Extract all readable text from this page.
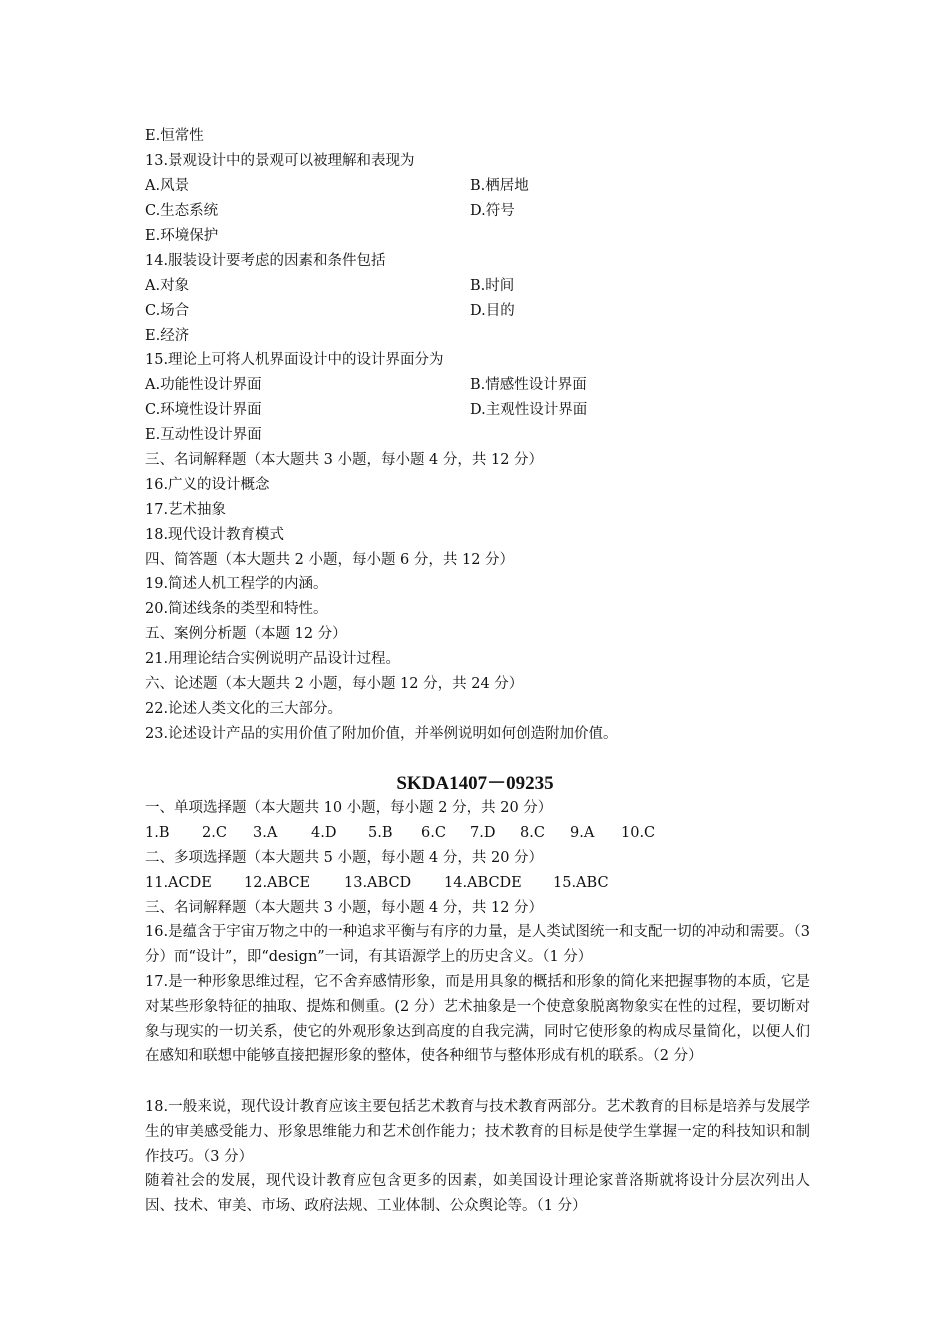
E.恒常性
13.景观设计中的景观可以被理解和表现为
A.风景	B.栖居地
C.生态系统	D.符号
E.环境保护
14.服装设计要考虑的因素和条件包括
A.对象	B.时间
C.场合	D.目的
E.经济
15.理论上可将人机界面设计中的设计界面分为
A.功能性设计界面	B.情感性设计界面
C.环境性设计界面	D.主观性设计界面
E.互动性设计界面
三、名词解释题（本大题共 3 小题，每小题 4 分，共 12 分）
16.广义的设计概念
17.艺术抽象
18.现代设计教育模式
四、简答题（本大题共 2 小题，每小题 6 分，共 12 分）
19.简述人机工程学的内涵。
20.简述线条的类型和特性。
五、案例分析题（本题 12 分）
21.用理论结合实例说明产品设计过程。
六、论述题（本大题共 2 小题，每小题 12 分，共 24 分）
22.论述人类文化的三大部分。
23.论述设计产品的实用价值了附加价值，并举例说明如何创造附加价值。
SKDA1407－09235
一、单项选择题（本大题共 10 小题，每小题 2 分，共 20 分）
1.B 2.C 3.A 4.D 5.B 6.C 7.D 8.C 9.A 10.C
二、多项选择题（本大题共 5 小题，每小题 4 分，共 20 分）
11.ACDE 12.ABCE 13.ABCD 14.ABCDE 15.ABC
三、名词解释题（本大题共 3 小题，每小题 4 分，共 12 分）
16.是蕴含于宇宙万物之中的一种追求平衡与有序的力量，是人类试图统一和支配一切的冲动和需要。（3 分）而“设计”，即“design”一词，有其语源学上的历史含义。（1 分）
17.是一种形象思维过程，它不舍弃感情形象，而是用具象的概括和形象的简化来把握事物的本质，它是对某些形象特征的抽取、提炼和侧重。(2 分）艺术抽象是一个使意象脱离物象实在性的过程，要切断对象与现实的一切关系，使它的外观形象达到高度的自我完满，同时它使形象的构成尽量简化，以便人们在感知和联想中能够直接把握形象的整体，使各种细节与整体形成有机的联系。（2 分）
18.一般来说，现代设计教育应该主要包括艺术教育与技术教育两部分。艺术教育的目标是培养与发展学生的审美感受能力、形象思维能力和艺术创作能力；技术教育的目标是使学生掌握一定的科技知识和制作技巧。（3 分）
随着社会的发展，现代设计教育应包含更多的因素，如美国设计理论家普洛斯就将设计分层次列出人因、技术、审美、市场、政府法规、工业体制、公众舆论等。（1 分）
